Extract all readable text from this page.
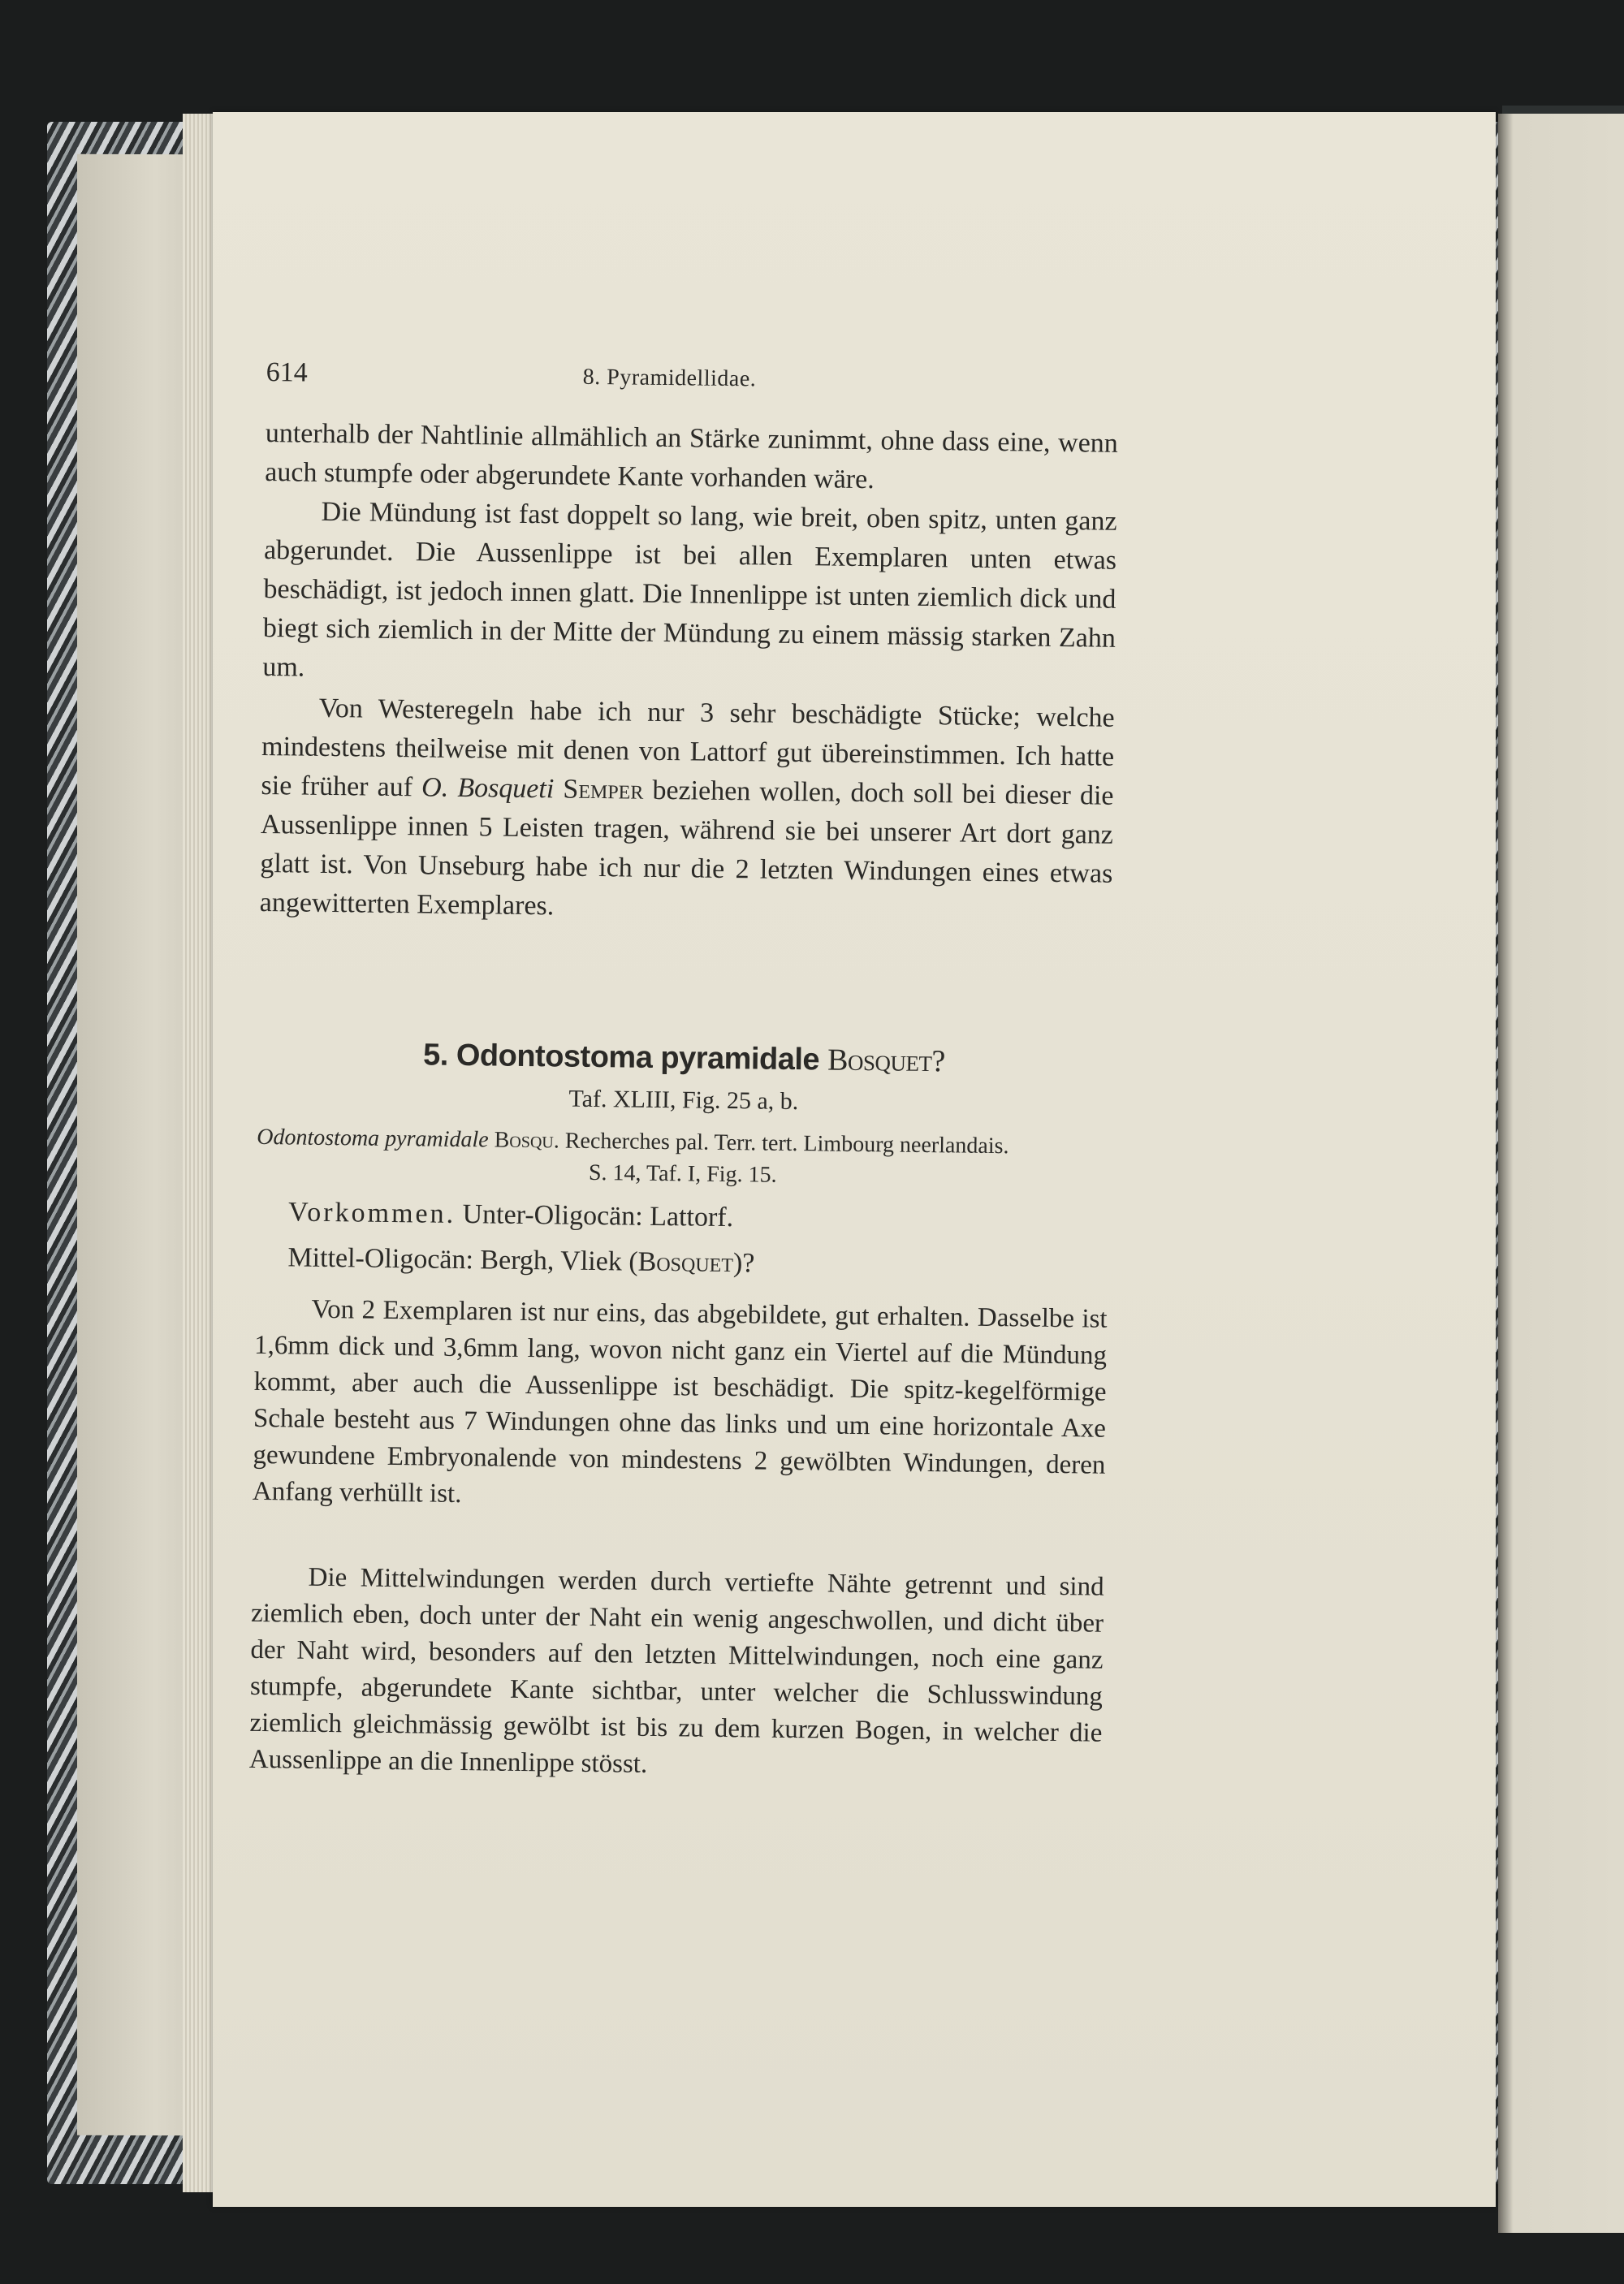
614	8. Pyramidellidae.
unterhalb der Nahtlinie allmählich an Stärke zunimmt, ohne dass eine, wenn auch stumpfe oder abgerundete Kante vorhanden wäre.
Die Mündung ist fast doppelt so lang, wie breit, oben spitz, unten ganz abgerundet. Die Aussenlippe ist bei allen Exemplaren unten etwas beschädigt, ist jedoch innen glatt. Die Innenlippe ist unten ziemlich dick und biegt sich ziemlich in der Mitte der Mündung zu einem mässig starken Zahn um.
Von Westeregeln habe ich nur 3 sehr beschädigte Stücke; welche mindestens theilweise mit denen von Lattorf gut übereinstimmen. Ich hatte sie früher auf O. Bosqueti Semper beziehen wollen, doch soll bei dieser die Aussenlippe innen 5 Leisten tragen, während sie bei unserer Art dort ganz glatt ist. Von Unseburg habe ich nur die 2 letzten Windungen eines etwas angewitterten Exemplares.
5. Odontostoma pyramidale Bosquet?
Taf. XLIII, Fig. 25 a, b.
Odontostoma pyramidale Bosqu. Recherches pal. Terr. tert. Limbourg neerlandais.
S. 14, Taf. I, Fig. 15.
Vorkommen. Unter-Oligocän: Lattorf.
Mittel-Oligocän: Bergh, Vliek (Bosquet)?
Von 2 Exemplaren ist nur eins, das abgebildete, gut erhalten. Dasselbe ist 1,6mm dick und 3,6mm lang, wovon nicht ganz ein Viertel auf die Mündung kommt, aber auch die Aussenlippe ist beschädigt. Die spitz-kegelförmige Schale besteht aus 7 Windungen ohne das links und um eine horizontale Axe gewundene Embryonalende von mindestens 2 gewölbten Windungen, deren Anfang verhüllt ist.
Die Mittelwindungen werden durch vertiefte Nähte getrennt und sind ziemlich eben, doch unter der Naht ein wenig angeschwollen, und dicht über der Naht wird, besonders auf den letzten Mittelwindungen, noch eine ganz stumpfe, abgerundete Kante sichtbar, unter welcher die Schlusswindung ziemlich gleichmässig gewölbt ist bis zu dem kurzen Bogen, in welcher die Aussenlippe an die Innenlippe stösst.
